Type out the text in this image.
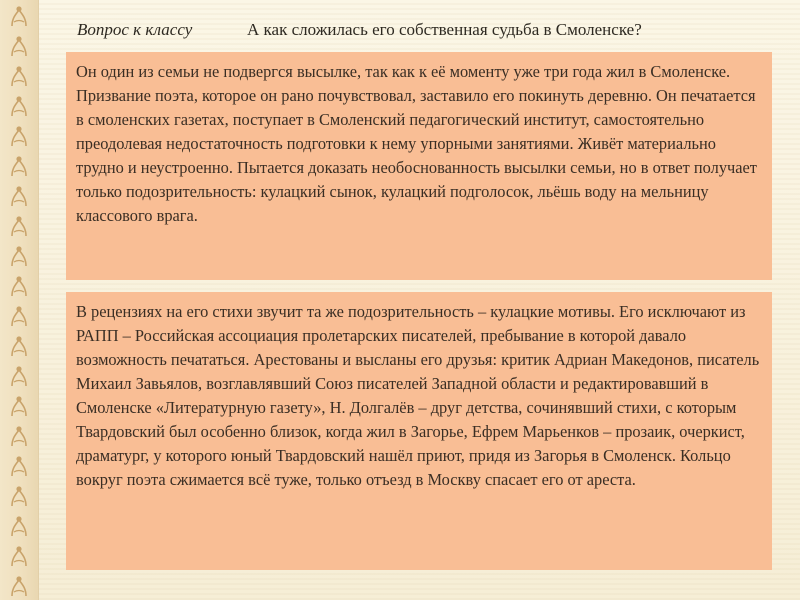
Вопрос к классу	А как сложилась его собственная судьба в Смоленске?

Он один из семьи не подвергся высылке, так как к её моменту уже три года жил в Смоленске. Призвание поэта, которое он рано почувствовал, заставило его покинуть деревню. Он печатается в смоленских газетах, поступает в Смоленский педагогический институт, самостоятельно преодолевая недостаточность подготовки к нему упорными занятиями. Живёт материально трудно и неустроенно. Пытается доказать необоснованность высылки семьи, но в ответ получает только подозрительность: кулацкий сынок, кулацкий подголосок, льёшь воду на мельницу классового врага.

В рецензиях на его стихи звучит та же подозрительность – кулацкие мотивы. Его исключают из РАПП – Российская ассоциация пролетарских писателей, пребывание в которой давало возможность печататься. Арестованы и высланы его друзья: критик Адриан Македонов, писатель Михаил Завьялов, возглавлявший Союз писателей Западной области и редактировавший в Смоленске «Литературную газету», Н. Долгалёв – друг детства, сочинявший стихи, с которым Твардовский был особенно близок, когда жил в Загорье, Ефрем Марьенков – прозаик, очеркист, драматург, у которого юный Твардовский нашёл приют, придя из Загорья в Смоленск. Кольцо вокруг поэта сжимается всё туже, только отъезд в Москву спасает его от ареста.
